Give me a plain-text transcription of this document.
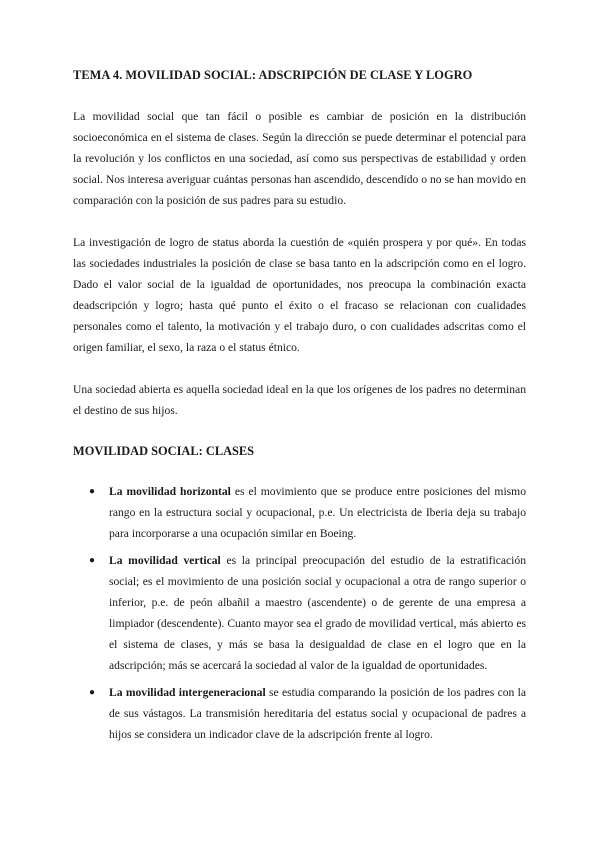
TEMA 4. MOVILIDAD SOCIAL: ADSCRIPCIÓN DE CLASE Y LOGRO

La movilidad social que tan fácil o posible es cambiar de posición en la distribución socioeconómica en el sistema de clases. Según la dirección se puede determinar el potencial para la revolución y los conflictos en una sociedad, así como sus perspectivas de estabilidad y orden social. Nos interesa averiguar cuántas personas han ascendido, descendido o no se han movido en comparación con la posición de sus padres para su estudio.

La investigación de logro de status aborda la cuestión de «quién prospera y por qué». En todas las sociedades industriales la posición de clase se basa tanto en la adscripción como en el logro. Dado el valor social de la igualdad de oportunidades, nos preocupa la combinación exacta deadscripción y logro; hasta qué punto el éxito o el fracaso se relacionan con cualidades personales como el talento, la motivación y el trabajo duro, o con cualidades adscritas como el origen familiar, el sexo, la raza o el status étnico.

Una sociedad abierta es aquella sociedad ideal en la que los orígenes de los padres no determinan el destino de sus hijos.

MOVILIDAD SOCIAL: CLASES
● La movilidad horizontal es el movimiento que se produce entre posiciones del mismo rango en la estructura social y ocupacional, p.e. Un electricista de Iberia deja su trabajo para incorporarse a una ocupación similar en Boeing.
● La movilidad vertical es la principal preocupación del estudio de la estratificación social; es el movimiento de una posición social y ocupacional a otra de rango superior o inferior, p.e. de peón albañil a maestro (ascendente) o de gerente de una empresa a limpiador (descendente). Cuanto mayor sea el grado de movilidad vertical, más abierto es el sistema de clases, y más se basa la desigualdad de clase en el logro que en la adscripción; más se acercará la sociedad al valor de la igualdad de oportunidades.
● La movilidad intergeneracional se estudia comparando la posición de los padres con la de sus vástagos. La transmisión hereditaria del estatus social y ocupacional de padres a hijos se considera un indicador clave de la adscripción frente al logro.
